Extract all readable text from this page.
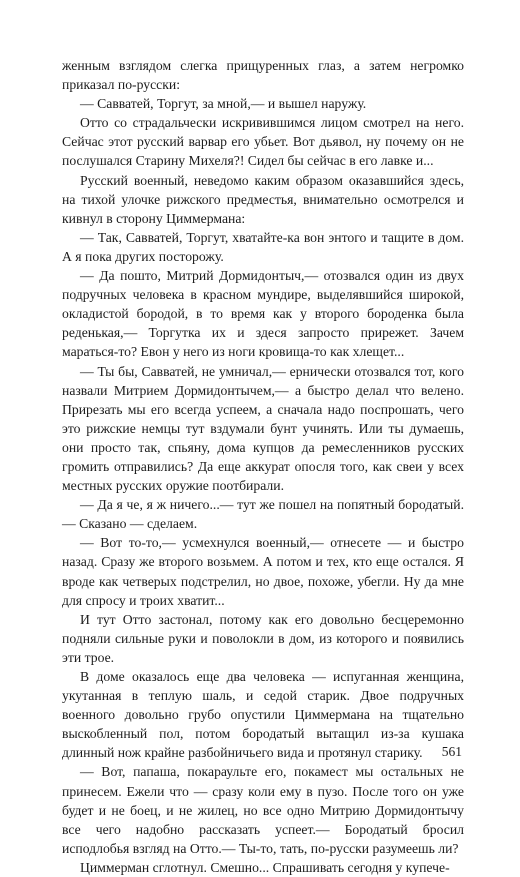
женным взглядом слегка прищуренных глаз, а затем негромко приказал по-русски:

— Савватей, Торгут, за мной,— и вышел наружу.

Отто со страдальчески искривившимся лицом смотрел на него. Сейчас этот русский варвар его убьет. Вот дьявол, ну почему он не послушался Старину Михеля?! Сидел бы сейчас в его лавке и...

Русский военный, неведомо каким образом оказавшийся здесь, на тихой улочке рижского предместья, внимательно осмотрелся и кивнул в сторону Циммермана:

— Так, Савватей, Торгут, хватайте-ка вон энтого и тащите в дом. А я пока других посторожу.

— Да пошто, Митрий Дормидонтыч,— отозвался один из двух подручных человека в красном мундире, выделявшийся широкой, окладистой бородой, в то время как у второго бороденка была реденькая,— Торгутка их и здеся запросто прирежет. Зачем мараться-то? Евон у него из ноги кровища-то как хлещет...

— Ты бы, Савватей, не умничал,— ернически отозвался тот, кого назвали Митрием Дормидонтычем,— а быстро делал что велено. Прирезать мы его всегда успеем, а сначала надо поспрошать, чего это рижские немцы тут вздумали бунт учинять. Или ты думаешь, они просто так, спьяну, дома купцов да ремесленников русских громить отправились? Да еще аккурат опосля того, как свеи у всех местных русских оружие поотбирали.

— Да я че, я ж ничего...— тут же пошел на попятный бородатый.— Сказано — сделаем.

— Вот то-то,— усмехнулся военный,— отнесете — и быстро назад. Сразу же второго возьмем. А потом и тех, кто еще остался. Я вроде как четверых подстрелил, но двое, похоже, убегли. Ну да мне для спросу и троих хватит...

И тут Отто застонал, потому как его довольно бесцеремонно подняли сильные руки и поволокли в дом, из которого и появились эти трое.

В доме оказалось еще два человека — испуганная женщина, укутанная в теплую шаль, и седой старик. Двое подручных военного довольно грубо опустили Циммермана на тщательно выскобленный пол, потом бородатый вытащил из-за кушака длинный нож крайне разбойничьего вида и протянул старику.

— Вот, папаша, покараульте его, покамест мы остальных не принесем. Ежели что — сразу коли ему в пузо. После того он уже будет и не боец, и не жилец, но все одно Митрию Дормидонтычу все чего надобно рассказать успеет.— Бородатый бросил исподлобья взгляд на Отто.— Ты-то, тать, по-русски разумеешь ли?

Циммерман сглотнул. Смешно... Спрашивать сегодня у купече-

561
